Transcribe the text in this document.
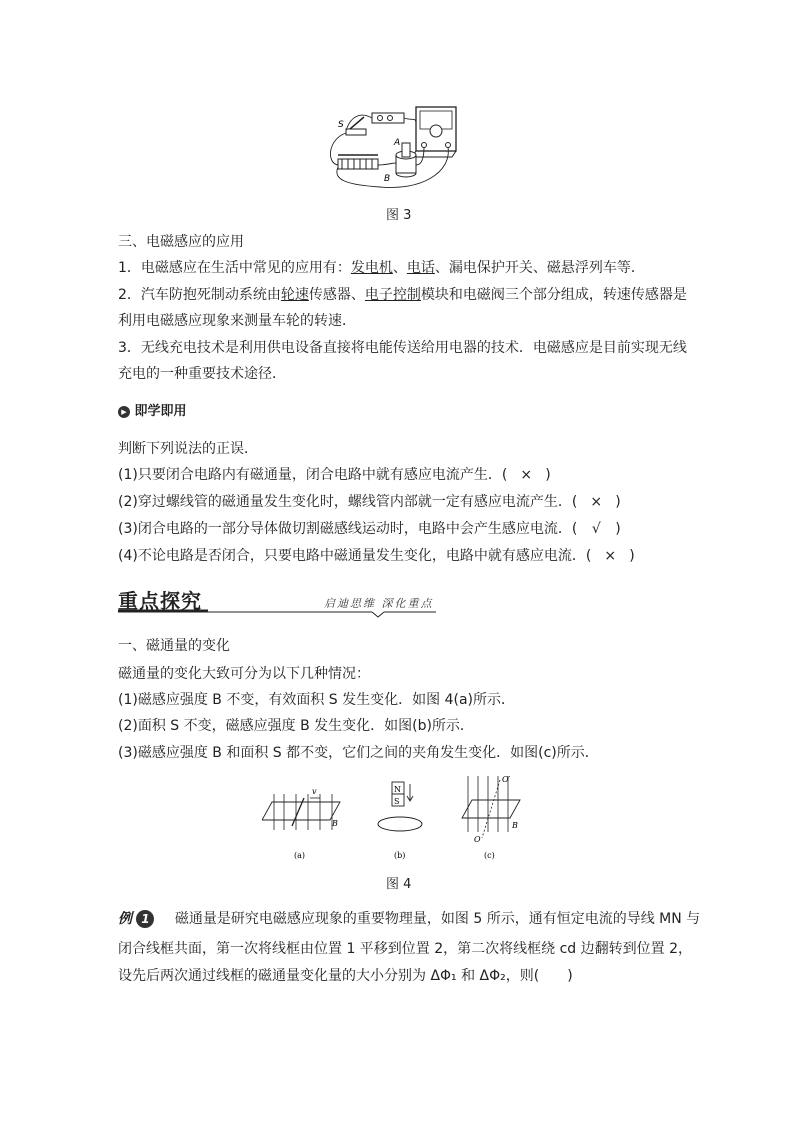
S
A
B
图 3
三、电磁感应的应用
1．电磁感应在生活中常见的应用有：发电机、电话、漏电保护开关、磁悬浮列车等．
2．汽车防抱死制动系统由轮速传感器、电子控制模块和电磁阀三个部分组成，转速传感器是
利用电磁感应现象来测量车轮的转速．
3．无线充电技术是利用供电设备直接将电能传送给用电器的技术．电磁感应是目前实现无线
充电的一种重要技术途径．
▶ 即学即用
判断下列说法的正误．
(1)只要闭合电路内有磁通量，闭合电路中就有感应电流产生．( × )
(2)穿过螺线管的磁通量发生变化时，螺线管内部就一定有感应电流产生．( × )
(3)闭合电路的一部分导体做切割磁感线运动时，电路中会产生感应电流．( √ )
(4)不论电路是否闭合，只要电路中磁通量发生变化，电路中就有感应电流．( × )
重点探究	启迪思维 深化重点
一、磁通量的变化
磁通量的变化大致可分为以下几种情况：
(1)磁感应强度 B 不变，有效面积 S 发生变化．如图 4(a)所示．
(2)面积 S 不变，磁感应强度 B 发生变化．如图(b)所示．
(3)磁感应强度 B 和面积 S 都不变，它们之间的夹角发生变化．如图(c)所示．
v
B
(a)
N
S
(b)
O′
O
B
(c)
图 4
例 1 磁通量是研究电磁感应现象的重要物理量，如图 5 所示，通有恒定电流的导线 MN 与
闭合线框共面，第一次将线框由位置 1 平移到位置 2，第二次将线框绕 cd 边翻转到位置 2，
设先后两次通过线框的磁通量变化量的大小分别为 ΔΦ₁ 和 ΔΦ₂，则(　　)
